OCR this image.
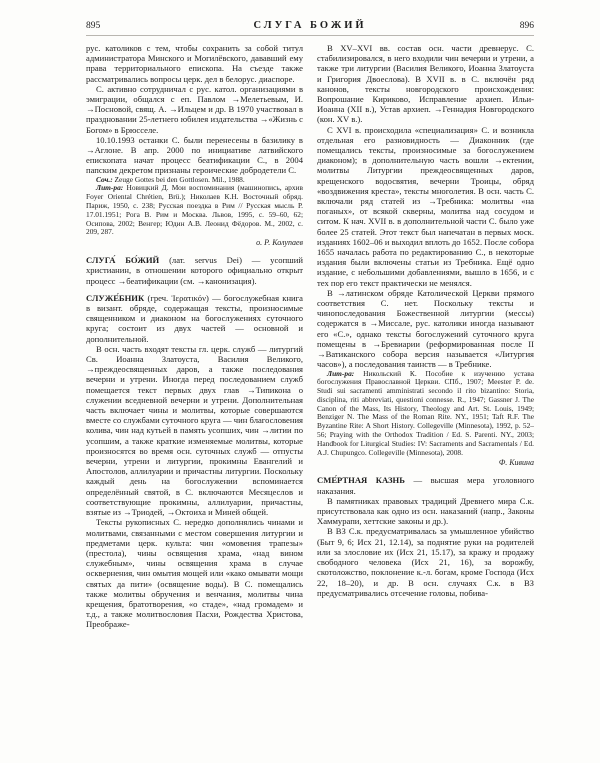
895	СЛУГА БОЖИЙ	896

рус. католиков с тем, чтобы сохранить за собой титул администратора Минского и Могилёвского, дававший ему права территориального епископа. На съезде также рассматривались вопросы церк. дел в белорус. диаспоре.

С. активно сотрудничал с рус. катол. организациями в эмиграции, общался с еп. Павлом →Мелетьевым, И. →Посновой, свящ. А. →Ильцем и др. В 1970 участвовал в праздновании 25-летнего юбилея издательства →«Жизнь с Богом» в Брюсселе.

10.10.1993 останки С. были перенесены в базилику в →Аглоне. В апр. 2000 по инициативе латвийского епископата начат процесс беатификации С., в 2004 папским декретом признаны героические добродетели С.

Соч.: Zeuge Gottes bei den Gottlosen. Mil., 1988.

Лит-ра: Новицкий Д. Мои воспоминания (машинопись, архив Foyer Oriental Chrétien, Brü.); Николаев К.Н. Восточный обряд. Париж, 1950, с. 238; Русская поездка в Рим // Русская мысль Р. 17.01.1951; Рога В. Рим и Москва. Львов, 1995, с. 59–60, 62; Осипова, 2002; Венгер; Юдин А.В. Леонид Фёдоров. М., 2002, с. 209, 287.

о. Р. Колупаев

СЛУГА́ БО́ЖИЙ (лат. servus Dei) — усопший христианин, в отношении которого официально открыт процесс →беатификации (см. →канонизация).

СЛУЖЕ́БНИК (греч. Ἱερατικόν) — богослужебная книга в визант. обряде, содержащая тексты, произносимые священником и диаконом на богослужениях суточного круга; состоит из двух частей — основной и дополнительной.

В осн. часть входят тексты гл. церк. служб — литургий Св. Иоанна Златоуста, Василия Великого, →преждеосвященных даров, а также последования вечерни и утрени. Иногда перед последованием служб помещается текст первых двух глав →Типикона о служении вседневной вечерни и утрени. Дополнительная часть включает чины и молитвы, которые совершаются вместе со службами суточного круга — чин благословения колива, чин над кутьей в память усопших, чин →литии по усопшим, а также краткие изменяемые молитвы, которые произносятся во время осн. суточных служб — отпусты вечерни, утрени и литургии, прокимны Евангелий и Апостолов, аллилуарии и причастны литургии. Поскольку каждый день на богослужении вспоминается определённый святой, в С. включаются Месяцеслов и соответствующие прокимны, аллилуарии, причастны, взятые из →Триодей, →Октоиха и Миней общей.

Тексты рукописных С. нередко дополнялись чинами и молитвами, связанными с местом совершения литургии и предметами церк. культа: чин «омовения трапезы» (престола), чины освящения храма, «над вином служебным», чины освящения храма в случае осквернения, чин омытия мощей или «како омывати мощи святых да пити» (освящение воды). В С. помещались также молитвы обручения и венчания, молитвы чина крещения, братотворения, «о стаде», «над громадем» и т.д., а также молитвословия Пасхи, Рождества Христова, Преображе-

В XV–XVI вв. состав осн. части древнерус. С. стабилизировался, в него входили чин вечерни и утрени, а также три литургии (Василия Великого, Иоанна Златоуста и Григория Двоеслова). В XVII в. в С. включён ряд канонов, тексты новгородского происхождения: Вопрошание Кириково, Исправление архиеп. Ильи-Иоанна (XII в.), Устав архиеп. →Геннадия Новгородского (кон. XV в.).

С XVI в. происходила «специализация» С. и возникла отдельная его разновидность — Диаконник (где помещались тексты, произносимые за богослужением диаконом); в дополнительную часть вошли →ектении, молитвы Литургии преждеосвященных даров, крещенского водосвятия, вечерни Троицы, обряд «воздвижения креста», тексты многолетия. В осн. часть С. включали ряд статей из →Требника: молитвы «на поганых», от всякой скверны, молитва над сосудом и ситом. К нач. XVII в. в дополнительной части С. было уже более 25 статей. Этот текст был напечатан в первых моск. изданиях 1602–06 и выходил вплоть до 1652. После собора 1655 началась работа по редактированию С., в некоторые издания были включены статьи из Требника. Ещё одно издание, с небольшими добавлениями, вышло в 1656, и с тех пор его текст практически не менялся.

В →латинском обряде Католической Церкви прямого соответствия С. нет. Поскольку тексты и чинопоследования Божественной литургии (мессы) содержатся в →Миссале, рус. католики иногда называют его «С.», однако тексты богослужений суточного круга помещены в →Бревиарии (реформированная после II →Ватиканского собора версия называется «Литургия часов»), а последования таинств — в Требнике.

Лит-ра: Никольский К. Пособие к изучению устава богослужения Православной Церкви. СПб., 1907; Meester P. de. Studi sui sacramenti amministrati secondo il rito bizantino: Storia, disciplina, riti abbreviati, questioni connesse. R., 1947; Gassner J. The Canon of the Mass, Its History, Theology and Art. St. Louis, 1949; Benziger N. The Mass of the Roman Rite. NY., 1951; Taft R.F. The Byzantine Rite: A Short History. Collegeville (Minnesota), 1992, p. 52–56; Praying with the Orthodox Tradition / Ed. S. Parenti. NY., 2003; Handbook for Liturgical Studies: IV: Sacraments and Sacramentals / Ed. A.J. Chupungco. Collegeville (Minnesota), 2008.

Ф. Кивина

СМЕ́РТНАЯ КАЗНЬ — высшая мера уголовного наказания.

В памятниках правовых традиций Древнего мира С.к. присутствовала как одно из осн. наказаний (напр., Законы Хаммурапи, хеттские законы и др.).

В ВЗ С.к. предусматривалась за умышленное убийство (Быт 9, 6; Исх 21, 12.14), за поднятие руки на родителей или за злословие их (Исх 21, 15.17), за кражу и продажу свободного человека (Исх 21, 16), за ворожбу, скотоложство, поклонение к.-л. богам, кроме Господа (Исх 22, 18–20), и др. В осн. случаях С.к. в ВЗ предусматривались отсечение головы, побива-
